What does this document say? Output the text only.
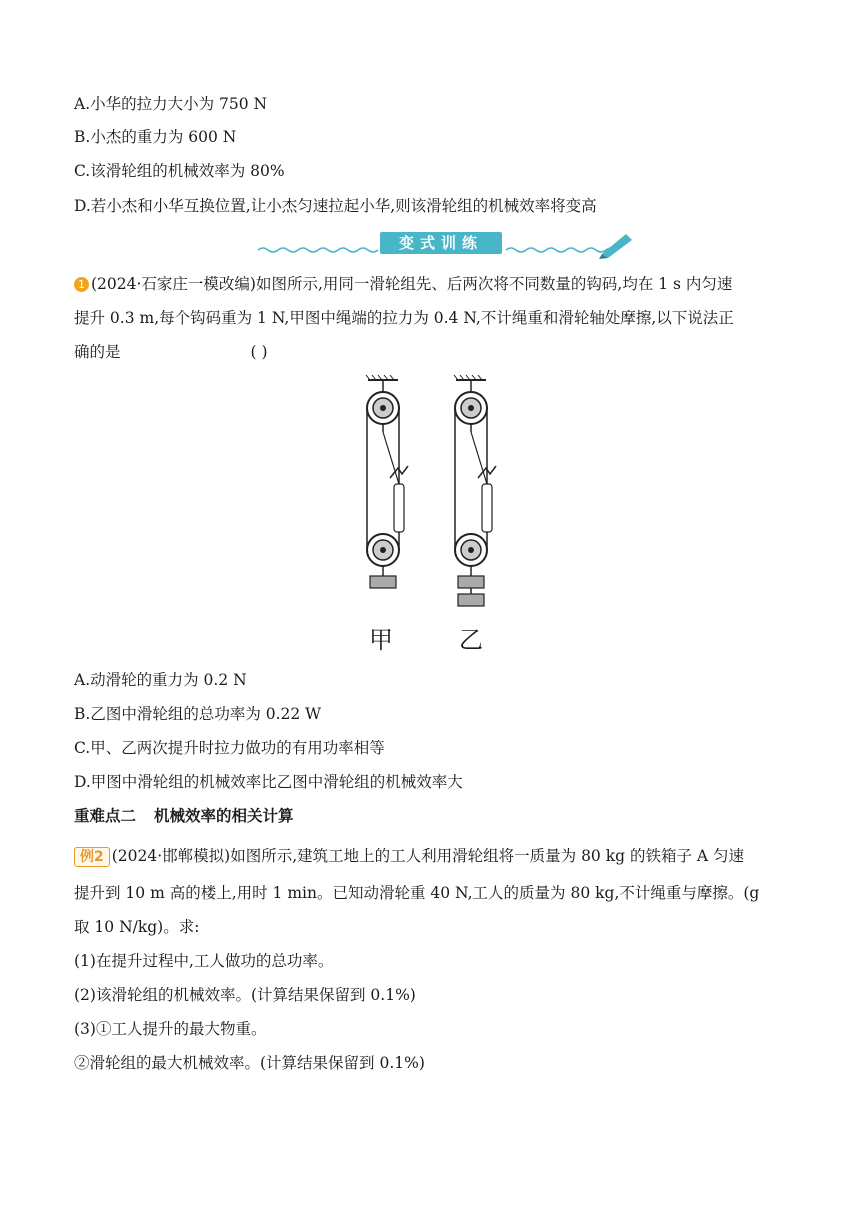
A.小华的拉力大小为 750 N
B.小杰的重力为 600 N
C.该滑轮组的机械效率为 80%
D.若小杰和小华互换位置,让小杰匀速拉起小华,则该滑轮组的机械效率将变高
变式训练
1 (2024·石家庄一模改编)如图所示,用同一滑轮组先、后两次将不同数量的钩码,均在 1 s 内匀速
提升 0.3 m,每个钩码重为 1 N,甲图中绳端的拉力为 0.4 N,不计绳重和滑轮轴处摩擦,以下说法正
确的是	( )
甲	乙
A.动滑轮的重力为 0.2 N
B.乙图中滑轮组的总功率为 0.22 W
C.甲、乙两次提升时拉力做功的有用功率相等
D.甲图中滑轮组的机械效率比乙图中滑轮组的机械效率大
重难点二 机械效率的相关计算
例2 (2024·邯郸模拟)如图所示,建筑工地上的工人利用滑轮组将一质量为 80 kg 的铁箱子 A 匀速
提升到 10 m 高的楼上,用时 1 min。已知动滑轮重 40 N,工人的质量为 80 kg,不计绳重与摩擦。(g
取 10 N/kg)。求:
(1)在提升过程中,工人做功的总功率。
(2)该滑轮组的机械效率。(计算结果保留到 0.1%)
(3)①工人提升的最大物重。
②滑轮组的最大机械效率。(计算结果保留到 0.1%)
